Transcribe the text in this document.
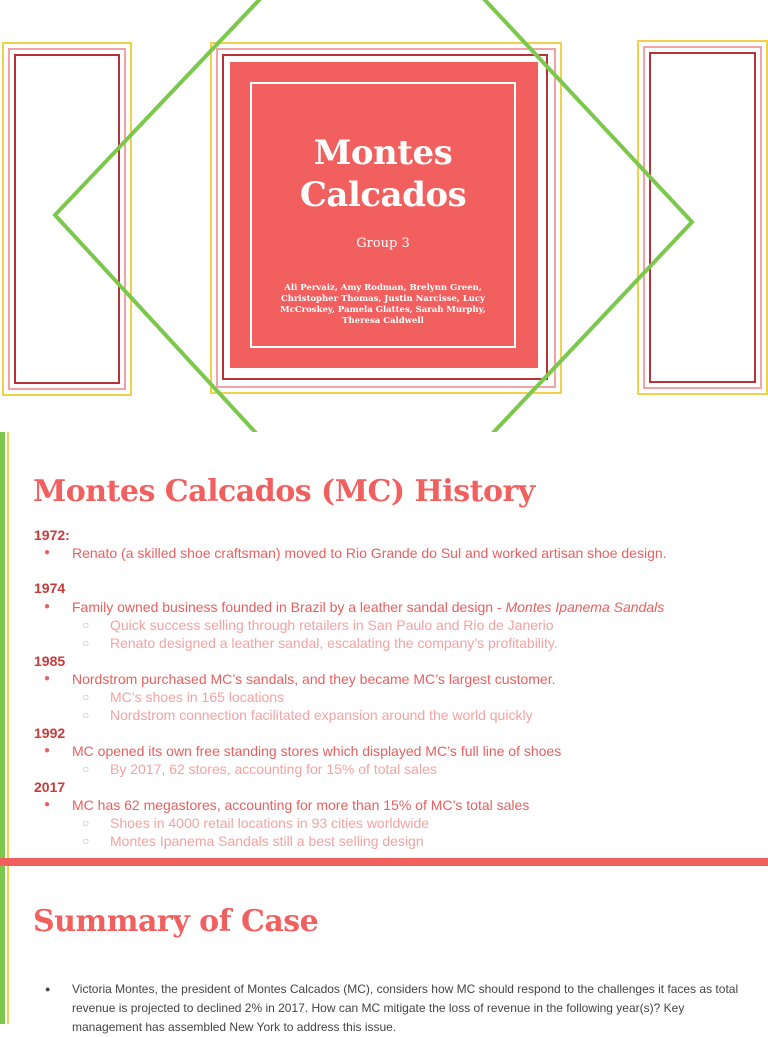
Montes Calcados
Group 3
Ali Pervaiz, Amy Rodman, Brelynn Green, Christopher Thomas, Justin Narcisse, Lucy McCroskey, Pamela Glattes, Sarah Murphy, Theresa Caldwell
Montes Calcados (MC) History
1972:
● Renato (a skilled shoe craftsman) moved to Rio Grande do Sul and worked artisan shoe design.
1974
● Family owned business founded in Brazil by a leather sandal design - Montes Ipanema Sandals
○ Quick success selling through retailers in San Paulo and Rio de Janerio
○ Renato designed a leather sandal, escalating the company’s profitability.
1985
● Nordstrom purchased MC’s sandals, and they became MC’s largest customer.
○ MC’s shoes in 165 locations
○ Nordstrom connection facilitated expansion around the world quickly
1992
● MC opened its own free standing stores which displayed MC’s full line of shoes
○ By 2017, 62 stores, accounting for 15% of total sales
2017
● MC has 62 megastores, accounting for more than 15% of MC’s total sales
○ Shoes in 4000 retail locations in 93 cities worldwide
○ Montes Ipanema Sandals still a best selling design
Summary of Case
● Victoria Montes, the president of Montes Calcados (MC), considers how MC should respond to the challenges it faces as total revenue is projected to declined 2% in 2017. How can MC mitigate the loss of revenue in the following year(s)? Key management has assembled New York to address this issue.
